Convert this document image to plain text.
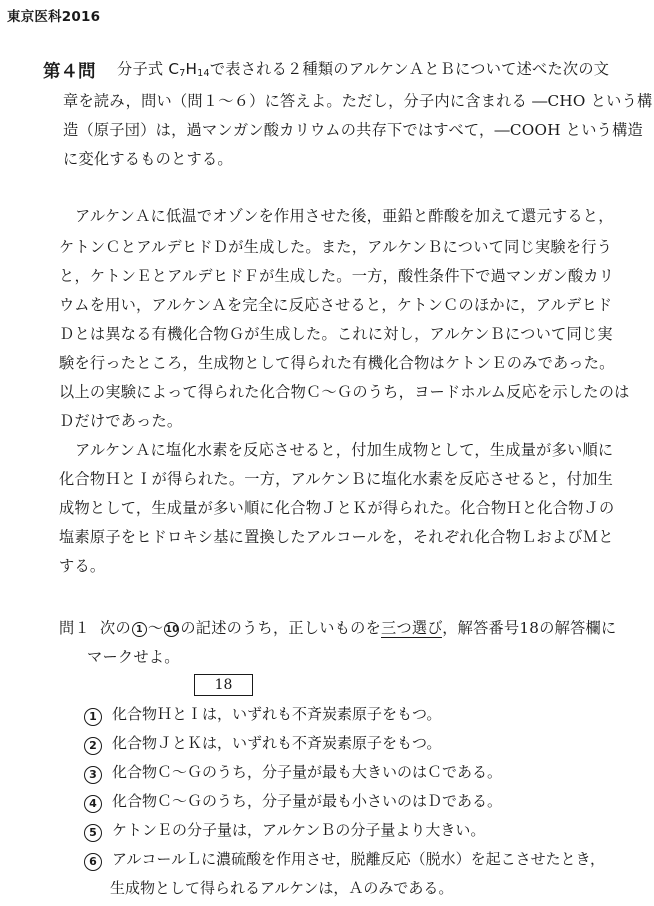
東京医科2016
第４問 分子式 $C_7H_{14}$で表される２種類のアルケンＡとＢについて述べた次の文
章を読み，問い（問１～６）に答えよ。ただし，分子内に含まれる ―CHO という構
造（原子団）は，過マンガン酸カリウムの共存下ではすべて，―COOH という構造
に変化するものとする。
アルケンＡに低温でオゾンを作用させた後，亜鉛と酢酸を加えて還元すると，
ケトンＣとアルデヒドＤが生成した。また，アルケンＢについて同じ実験を行う
と，ケトンＥとアルデヒドＦが生成した。一方，酸性条件下で過マンガン酸カリ
ウムを用い，アルケンＡを完全に反応させると，ケトンＣのほかに，アルデヒド
Ｄとは異なる有機化合物Ｇが生成した。これに対し，アルケンＢについて同じ実
験を行ったところ，生成物として得られた有機化合物はケトンＥのみであった。
以上の実験によって得られた化合物Ｃ～Ｇのうち，ヨードホルム反応を示したのは
Ｄだけであった。
アルケンＡに塩化水素を反応させると，付加生成物として，生成量が多い順に
化合物ＨとＩが得られた。一方，アルケンＢに塩化水素を反応させると，付加生
成物として，生成量が多い順に化合物ＪとＫが得られた。化合物Ｈと化合物Ｊの
塩素原子をヒドロキシ基に置換したアルコールを，それぞれ化合物ＬおよびＭと
する。
問１ 次の 1 ～ 10の記述のうち，正しいものを三つ選び，解答番号18の解答欄に
マークせよ。
18
1 化合物ＨとＩは，いずれも不斉炭素原子をもつ。
2 化合物ＪとＫは，いずれも不斉炭素原子をもつ。
3 化合物Ｃ～Ｇのうち，分子量が最も大きいのはＣである。
4 化合物Ｃ～Ｇのうち，分子量が最も小さいのはＤである。
5 ケトンＥの分子量は，アルケンＢの分子量より大きい。
6 アルコールＬに濃硫酸を作用させ，脱離反応（脱水）を起こさせたとき，
生成物として得られるアルケンは，Ａのみである。
